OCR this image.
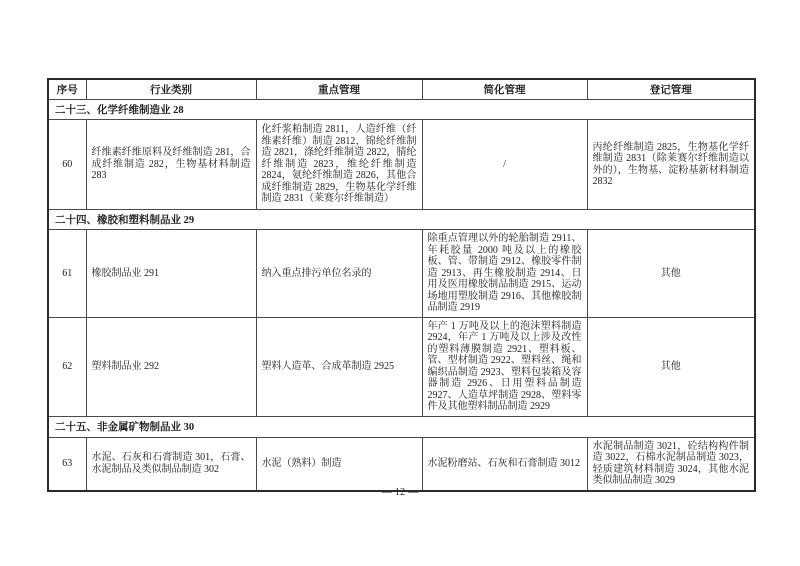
序号	行业类别	重点管理	简化管理	登记管理
二十三、化学纤维制造业 28				
60	纤维素纤维原料及纤维制造 281，合成纤维制造 282，生物基材料制造 283	化纤浆粕制造 2811，人造纤维（纤维素纤维）制造 2812，锦纶纤维制造 2821，涤纶纤维制造 2822，腈纶纤维制造 2823，维纶纤维制造 2824，氨纶纤维制造 2826，其他合成纤维制造 2829，生物基化学纤维制造 2831（莱赛尔纤维制造）	/	丙纶纤维制造 2825，生物基化学纤维制造 2831（除莱赛尔纤维制造以外的），生物基、淀粉基新材料制造 2832
二十四、橡胶和塑料制品业 29				
61	橡胶制品业 291	纳入重点排污单位名录的	除重点管理以外的轮胎制造 2911、年耗胶量 2000 吨及以上的橡胶板、管、带制造 2912、橡胶零件制造 2913、再生橡胶制造 2914、日用及医用橡胶制品制造 2915、运动场地用塑胶制造 2916、其他橡胶制品制造 2919	其他
62	塑料制品业 292	塑料人造革、合成革制造 2925	年产 1 万吨及以上的泡沫塑料制造 2924，年产 1 万吨及以上涉及改性的塑料薄膜制造 2921、塑料板、管、型材制造 2922、塑料丝、绳和编织品制造 2923、塑料包装箱及容器制造 2926、日用塑料品制造 2927、人造草坪制造 2928、塑料零件及其他塑料制品制造 2929	其他
二十五、非金属矿物制品业 30				
63	水泥、石灰和石膏制造 301，石膏、水泥制品及类似制品制造 302	水泥（熟料）制造	水泥粉磨站、石灰和石膏制造 3012	水泥制品制造 3021，砼结构构件制造 3022，石棉水泥制品制造 3023，轻质建筑材料制造 3024，其他水泥类似制品制造 3029
— 12 —
